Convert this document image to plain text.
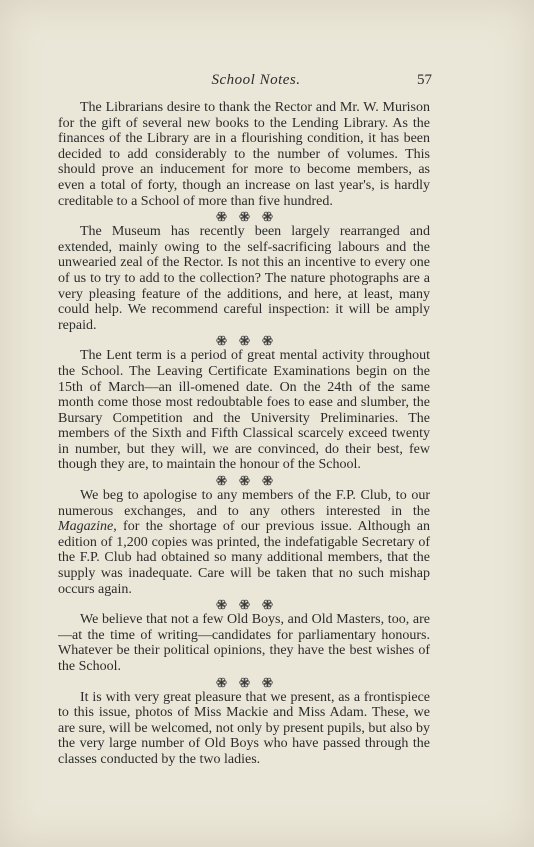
School Notes.	57

The Librarians desire to thank the Rector and Mr. W. Murison for the gift of several new books to the Lending Library. As the finances of the Library are in a flourishing condition, it has been decided to add considerably to the number of volumes. This should prove an inducement for more to become members, as even a total of forty, though an increase on last year's, is hardly creditable to a School of more than five hundred.

The Museum has recently been largely rearranged and extended, mainly owing to the self-sacrificing labours and the unwearied zeal of the Rector. Is not this an incentive to every one of us to try to add to the collection? The nature photographs are a very pleasing feature of the additions, and here, at least, many could help. We recommend careful inspection: it will be amply repaid.

The Lent term is a period of great mental activity throughout the School. The Leaving Certificate Examinations begin on the 15th of March—an ill-omened date. On the 24th of the same month come those most redoubtable foes to ease and slumber, the Bursary Competition and the University Preliminaries. The members of the Sixth and Fifth Classical scarcely exceed twenty in number, but they will, we are convinced, do their best, few though they are, to maintain the honour of the School.

We beg to apologise to any members of the F.P. Club, to our numerous exchanges, and to any others interested in the Magazine, for the shortage of our previous issue. Although an edition of 1,200 copies was printed, the indefatigable Secretary of the F.P. Club had obtained so many additional members, that the supply was inadequate. Care will be taken that no such mishap occurs again.

We believe that not a few Old Boys, and Old Masters, too, are—at the time of writing—candidates for parliamentary honours. Whatever be their political opinions, they have the best wishes of the School.

It is with very great pleasure that we present, as a frontispiece to this issue, photos of Miss Mackie and Miss Adam. These, we are sure, will be welcomed, not only by present pupils, but also by the very large number of Old Boys who have passed through the classes conducted by the two ladies.
